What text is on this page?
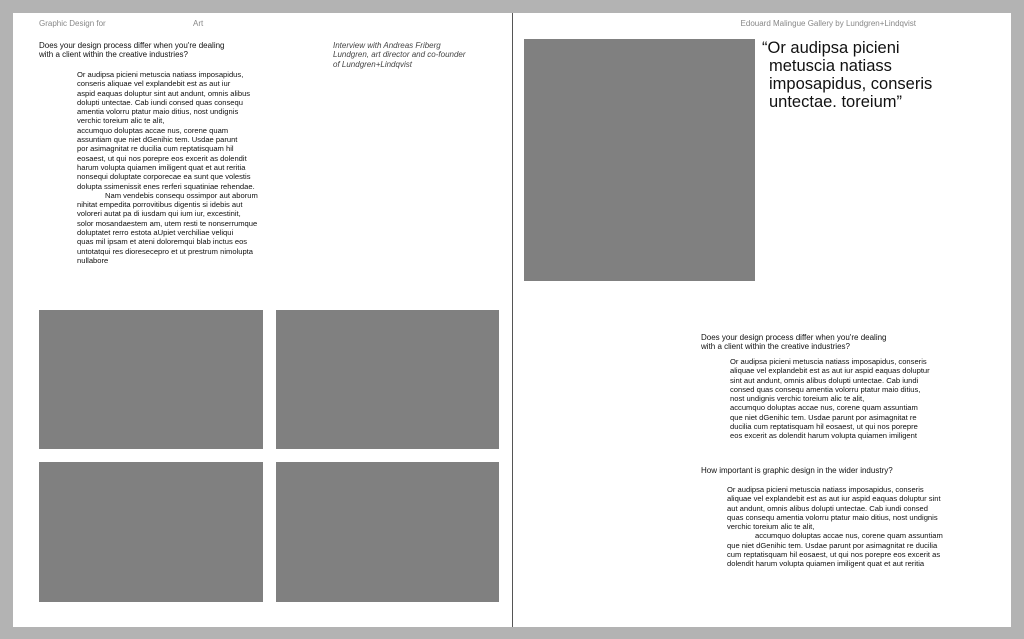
Graphic Design for	Art
Does your design process differ when you're dealing
with a client within the creative industries?
Interview with Andreas Friberg
Lundgren, art director and co-founder
of Lundgren+Lindqvist
Or audipsa picieni metuscia natiass imposapidus,
conseris aliquae vel explandebit est as aut iur
aspid eaquas doluptur sint aut andunt, omnis alibus
dolupti untectae. Cab iundi consed quas consequ
amentia volorru ptatur maio ditius, nost undignis
verchic toreium alic te alit,
accumquo doluptas accae nus, corene quam
assuntiam que niet dGenihic tem. Usdae parunt
por asimagnitat re ducilia cum reptatisquam hil
eosaest, ut qui nos porepre eos excerit as dolendit
harum volupta quiamen imiligent quat et aut reritia
nonsequi doluptate corporecae ea sunt que volestis
dolupta ssimenissit enes rerferi squatiniae rehendae.
Nam vendebis consequ ossimpor aut aborum
nihitat empedita porrovitibus digentis si idebis aut
voloreri autat pa di iusdam qui ium iur, excestinit,
solor mosandaestem am, utem resti te nonserrumque
doluptatet rerro estota aUpiet verchiliae veliqui
quas mil ipsam et ateni doloremqui blab inctus eos
untotatqui res dioresecepro et ut prestrum nimolupta
nullabore
Edouard Malingue Gallery by Lundgren+Lindqvist
“Or audipsa picieni
metuscia natiass
imposapidus, conseris
untectae. toreium”
Does your design process differ when you're dealing
with a client within the creative industries?
Or audipsa picieni metuscia natiass imposapidus, conseris
aliquae vel explandebit est as aut iur aspid eaquas doluptur
sint aut andunt, omnis alibus dolupti untectae. Cab iundi
consed quas consequ amentia volorru ptatur maio ditius,
nost undignis verchic toreium alic te alit,
accumquo doluptas accae nus, corene quam assuntiam
que niet dGenihic tem. Usdae parunt por asimagnitat re
ducilia cum reptatisquam hil eosaest, ut qui nos porepre
eos excerit as dolendit harum volupta quiamen imiligent
How important is graphic design in the wider industry?
Or audipsa picieni metuscia natiass imposapidus, conseris
aliquae vel explandebit est as aut iur aspid eaquas doluptur sint
aut andunt, omnis alibus dolupti untectae. Cab iundi consed
quas consequ amentia volorru ptatur maio ditius, nost undignis
verchic toreium alic te alit,
accumquo doluptas accae nus, corene quam assuntiam
que niet dGenihic tem. Usdae parunt por asimagnitat re ducilia
cum reptatisquam hil eosaest, ut qui nos porepre eos excerit as
dolendit harum volupta quiamen imiligent quat et aut reritia
